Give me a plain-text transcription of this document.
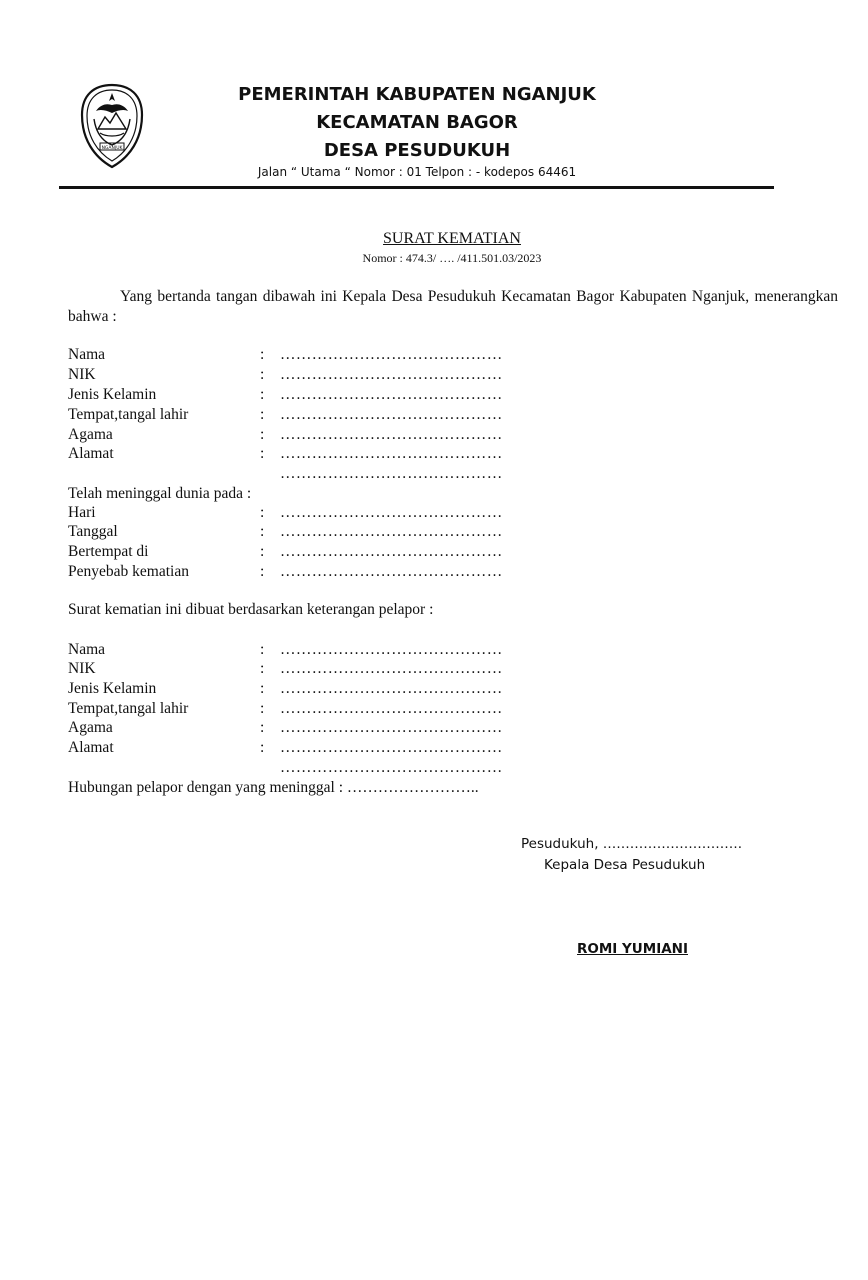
NGANJUK
PEMERINTAH KABUPATEN NGANJUK
KECAMATAN BAGOR
DESA PESUDUKUH
Jalan “ Utama “ Nomor : 01 Telpon : - kodepos 64461
SURAT KEMATIAN
Nomor : 474.3/ …. /411.501.03/2023
Yang bertanda tangan dibawah ini Kepala Desa Pesudukuh Kecamatan Bagor Kabupaten Nganjuk, menerangkan bahwa :
Nama	: ……………………………………
NIK	: ……………………………………
Jenis Kelamin	: ……………………………………
Tempat,tangal lahir	: ……………………………………
Agama	: ……………………………………
Alamat	: ……………………………………
……………………………………
Telah meninggal dunia pada :
Hari	: ……………………………………
Tanggal	: ……………………………………
Bertempat di	: ……………………………………
Penyebab kematian	: ……………………………………
Surat kematian ini dibuat berdasarkan keterangan pelapor :
Nama	: ……………………………………
NIK	: ……………………………………
Jenis Kelamin	: ……………………………………
Tempat,tangal lahir	: ……………………………………
Agama	: ……………………………………
Alamat	: ……………………………………
……………………………………
Hubungan pelapor dengan yang meninggal : ……………………..
Pesudukuh, ………………………….
Kepala Desa Pesudukuh
ROMI YUMIANI
